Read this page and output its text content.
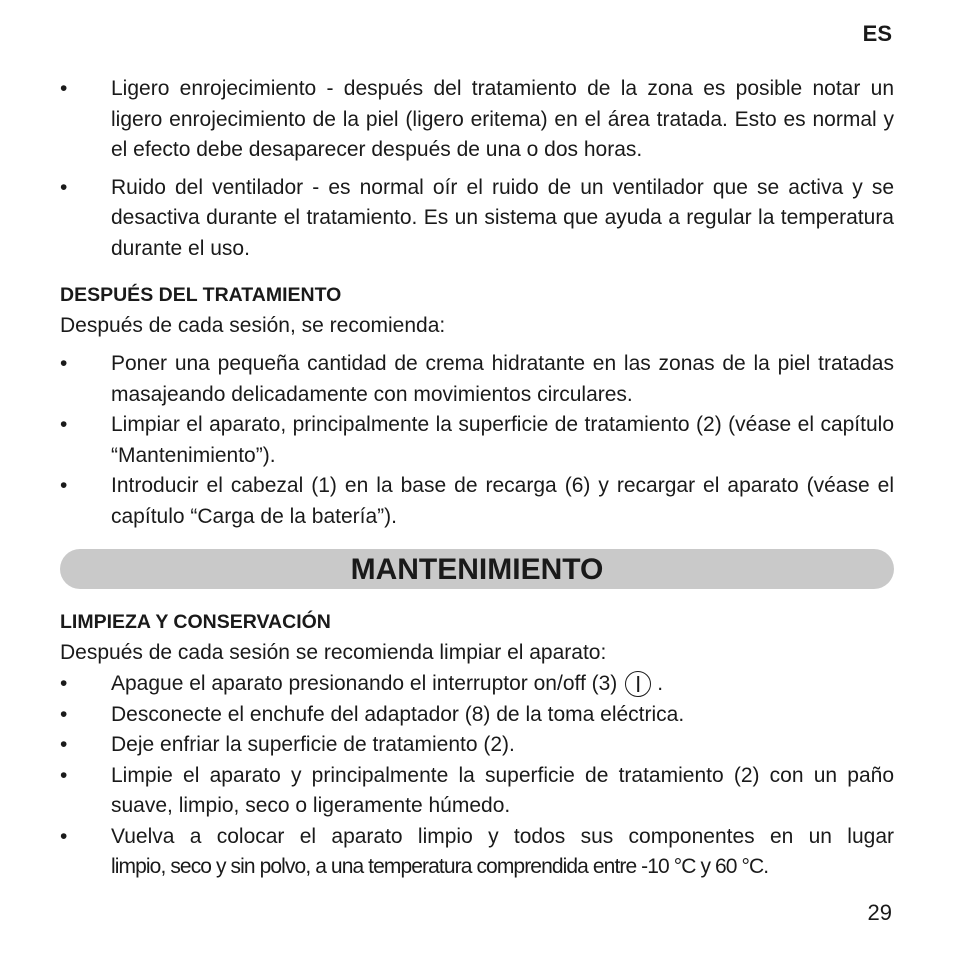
ES
• Ligero enrojecimiento - después del tratamiento de la zona es posible notar un ligero enrojecimiento de la piel (ligero eritema) en el área tratada. Esto es normal y el efecto debe desaparecer después de una o dos horas.
• Ruido del ventilador - es normal oír el ruido de un ventilador que se activa y se desactiva durante el tratamiento. Es un sistema que ayuda a regular la temperatura durante el uso.
DESPUÉS DEL TRATAMIENTO
Después de cada sesión, se recomienda:
• Poner una pequeña cantidad de crema hidratante en las zonas de la piel tratadas masajeando delicadamente con movimientos circulares.
• Limpiar el aparato, principalmente la superficie de tratamiento (2) (véase el capítulo “Mantenimiento”).
• Introducir el cabezal (1) en la base de recarga (6) y recargar el aparato (véase el capítulo “Carga de la batería”).
MANTENIMIENTO
LIMPIEZA Y CONSERVACIÓN
Después de cada sesión se recomienda limpiar el aparato:
• Apague el aparato presionando el interruptor on/off (3) .
• Desconecte el enchufe del adaptador (8) de la toma eléctrica.
• Deje enfriar la superficie de tratamiento (2).
• Limpie el aparato y principalmente la superficie de tratamiento (2) con un paño suave, limpio, seco o ligeramente húmedo.
• Vuelva a colocar el aparato limpio y todos sus componentes en un lugar
limpio, seco y sin polvo, a una temperatura comprendida entre -10 °C y 60 °C.
29
